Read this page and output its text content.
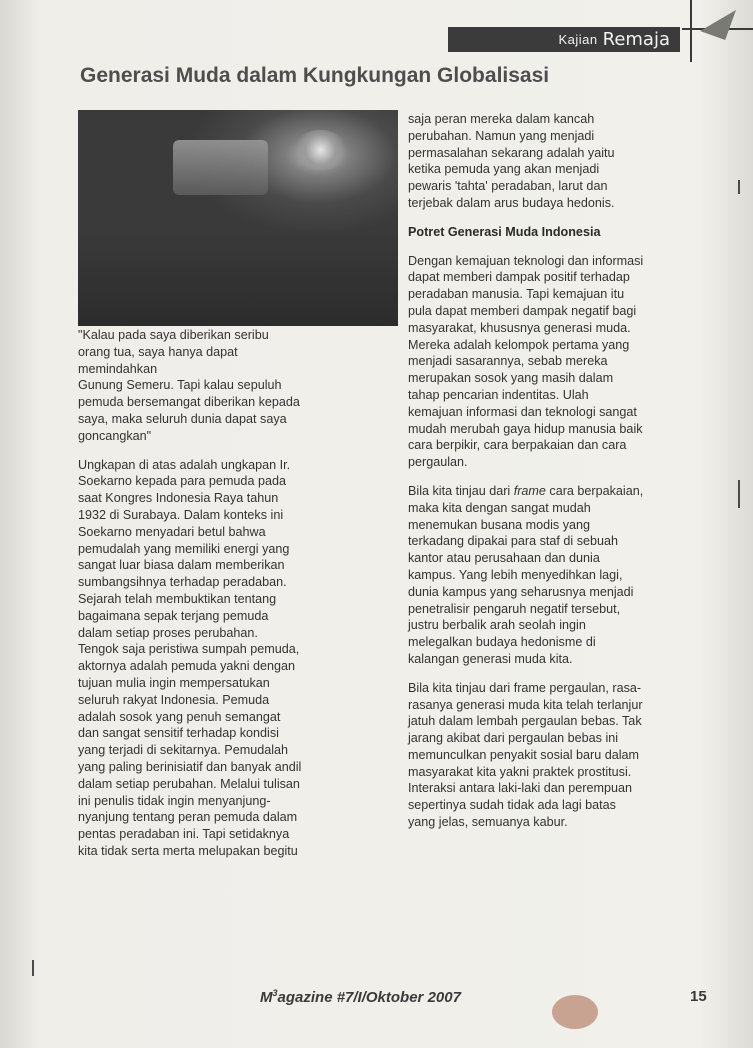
Kajian Remaja
Generasi Muda dalam Kungkungan Globalisasi

"Kalau pada saya diberikan seribu
orang tua, saya hanya dapat
memindahkan
Gunung Semeru. Tapi kalau sepuluh
pemuda bersemangat diberikan kepada
saya, maka seluruh dunia dapat saya
goncangkan"

Ungkapan di atas adalah ungkapan Ir.
Soekarno kepada para pemuda pada
saat Kongres Indonesia Raya tahun
1932 di Surabaya. Dalam konteks ini
Soekarno menyadari betul bahwa
pemudalah yang memiliki energi yang
sangat luar biasa dalam memberikan
sumbangsihnya terhadap peradaban.
Sejarah telah membuktikan tentang
bagaimana sepak terjang pemuda
dalam setiap proses perubahan.
Tengok saja peristiwa sumpah pemuda,
aktornya adalah pemuda yakni dengan
tujuan mulia ingin mempersatukan
seluruh rakyat Indonesia. Pemuda
adalah sosok yang penuh semangat
dan sangat sensitif terhadap kondisi
yang terjadi di sekitarnya. Pemudalah
yang paling berinisiatif dan banyak andil
dalam setiap perubahan. Melalui tulisan
ini penulis tidak ingin menyanjung-
nyanjung tentang peran pemuda dalam
pentas peradaban ini. Tapi setidaknya
kita tidak serta merta melupakan begitu

saja peran mereka dalam kancah
perubahan. Namun yang menjadi
permasalahan sekarang adalah yaitu
ketika pemuda yang akan menjadi
pewaris 'tahta' peradaban, larut dan
terjebak dalam arus budaya hedonis.

Potret Generasi Muda Indonesia

Dengan kemajuan teknologi dan informasi
dapat memberi dampak positif terhadap
peradaban manusia. Tapi kemajuan itu
pula dapat memberi dampak negatif bagi
masyarakat, khususnya generasi muda.
Mereka adalah kelompok pertama yang
menjadi sasarannya, sebab mereka
merupakan sosok yang masih dalam
tahap pencarian indentitas. Ulah
kemajuan informasi dan teknologi sangat
mudah merubah gaya hidup manusia baik
cara berpikir, cara berpakaian dan cara
pergaulan.

Bila kita tinjau dari frame cara berpakaian,
maka kita dengan sangat mudah
menemukan busana modis yang
terkadang dipakai para staf di sebuah
kantor atau perusahaan dan dunia
kampus. Yang lebih menyedihkan lagi,
dunia kampus yang seharusnya menjadi
penetralisir pengaruh negatif tersebut,
justru berbalik arah seolah ingin
melegalkan budaya hedonisme di
kalangan generasi muda kita.

Bila kita tinjau dari frame pergaulan, rasa-
rasanya generasi muda kita telah terlanjur
jatuh dalam lembah pergaulan bebas. Tak
jarang akibat dari pergaulan bebas ini
memunculkan penyakit sosial baru dalam
masyarakat kita yakni praktek prostitusi.
Interaksi antara laki-laki dan perempuan
sepertinya sudah tidak ada lagi batas
yang jelas, semuanya kabur.

$M^3agazine$ #7/I/Oktober 2007	15
